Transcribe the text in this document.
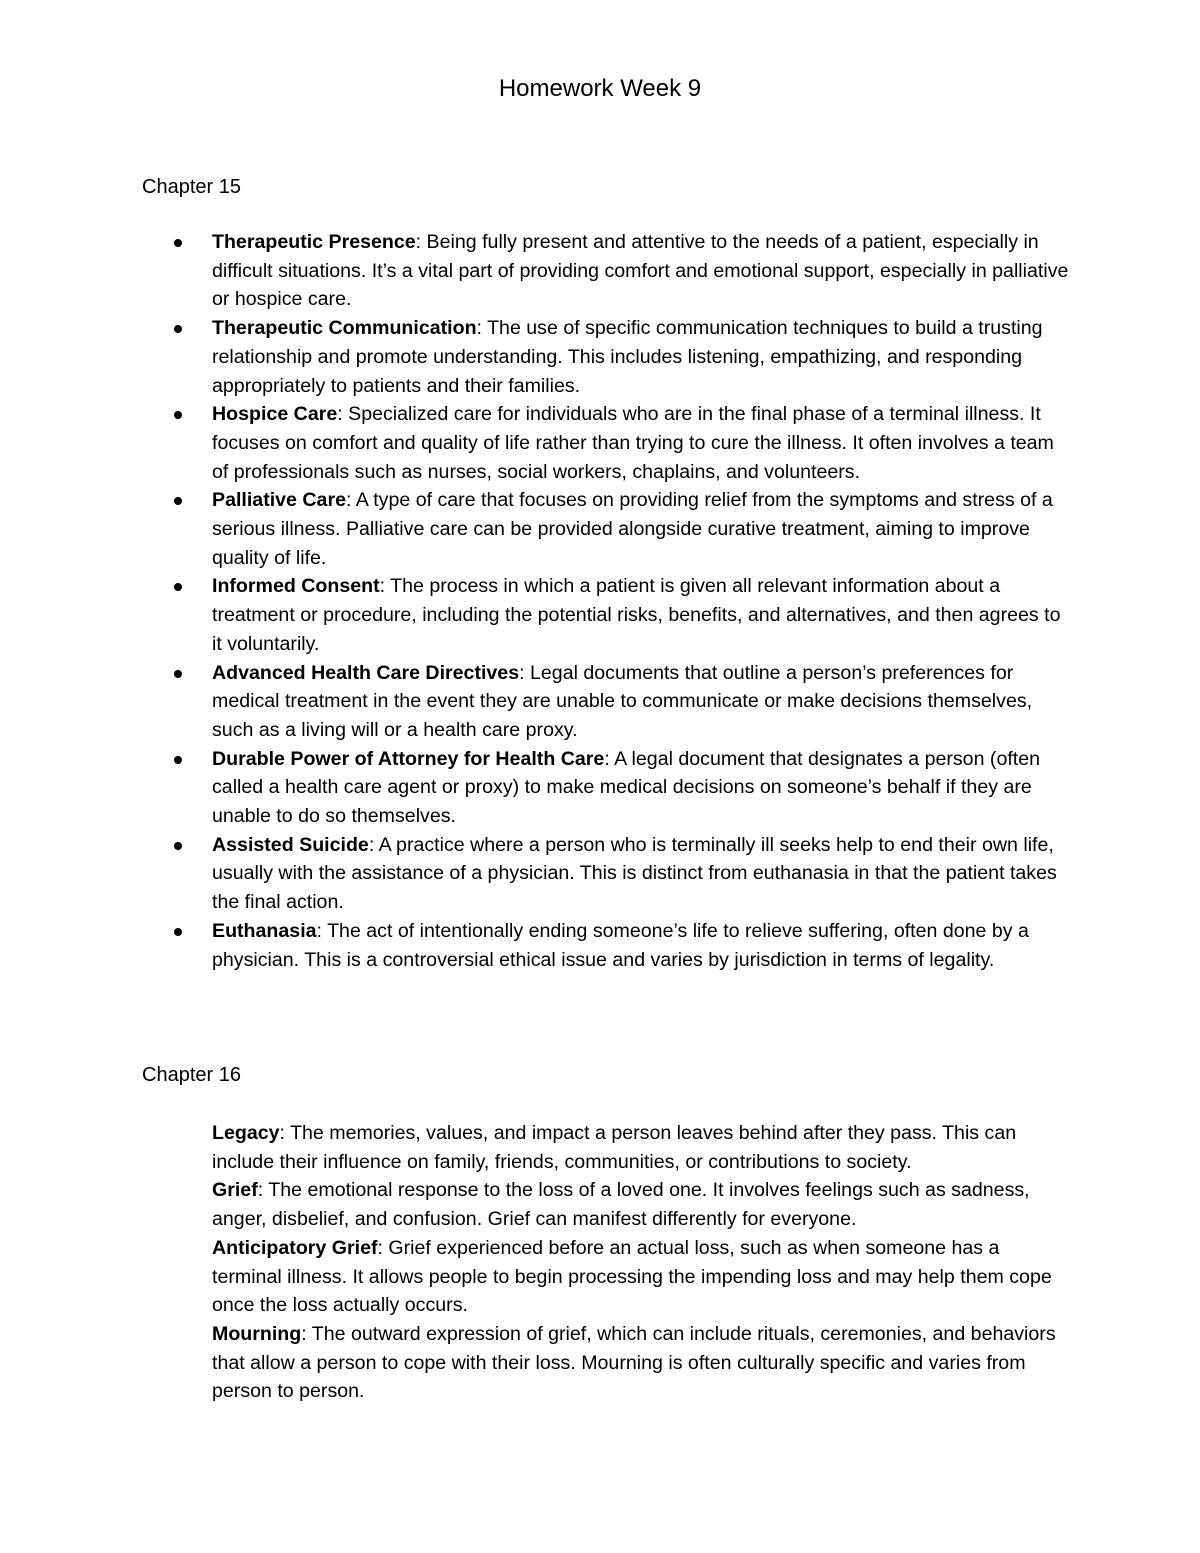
Homework Week 9
Chapter 15
Therapeutic Presence: Being fully present and attentive to the needs of a patient, especially in difficult situations. It’s a vital part of providing comfort and emotional support, especially in palliative or hospice care.
Therapeutic Communication: The use of specific communication techniques to build a trusting relationship and promote understanding. This includes listening, empathizing, and responding appropriately to patients and their families.
Hospice Care: Specialized care for individuals who are in the final phase of a terminal illness. It focuses on comfort and quality of life rather than trying to cure the illness. It often involves a team of professionals such as nurses, social workers, chaplains, and volunteers.
Palliative Care: A type of care that focuses on providing relief from the symptoms and stress of a serious illness. Palliative care can be provided alongside curative treatment, aiming to improve quality of life.
Informed Consent: The process in which a patient is given all relevant information about a treatment or procedure, including the potential risks, benefits, and alternatives, and then agrees to it voluntarily.
Advanced Health Care Directives: Legal documents that outline a person’s preferences for medical treatment in the event they are unable to communicate or make decisions themselves, such as a living will or a health care proxy.
Durable Power of Attorney for Health Care: A legal document that designates a person (often called a health care agent or proxy) to make medical decisions on someone’s behalf if they are unable to do so themselves.
Assisted Suicide: A practice where a person who is terminally ill seeks help to end their own life, usually with the assistance of a physician. This is distinct from euthanasia in that the patient takes the final action.
Euthanasia: The act of intentionally ending someone’s life to relieve suffering, often done by a physician. This is a controversial ethical issue and varies by jurisdiction in terms of legality.
Chapter 16

Legacy: The memories, values, and impact a person leaves behind after they pass. This can include their influence on family, friends, communities, or contributions to society.

Grief: The emotional response to the loss of a loved one. It involves feelings such as sadness, anger, disbelief, and confusion. Grief can manifest differently for everyone.

Anticipatory Grief: Grief experienced before an actual loss, such as when someone has a terminal illness. It allows people to begin processing the impending loss and may help them cope once the loss actually occurs.

Mourning: The outward expression of grief, which can include rituals, ceremonies, and behaviors that allow a person to cope with their loss. Mourning is often culturally specific and varies from person to person.
